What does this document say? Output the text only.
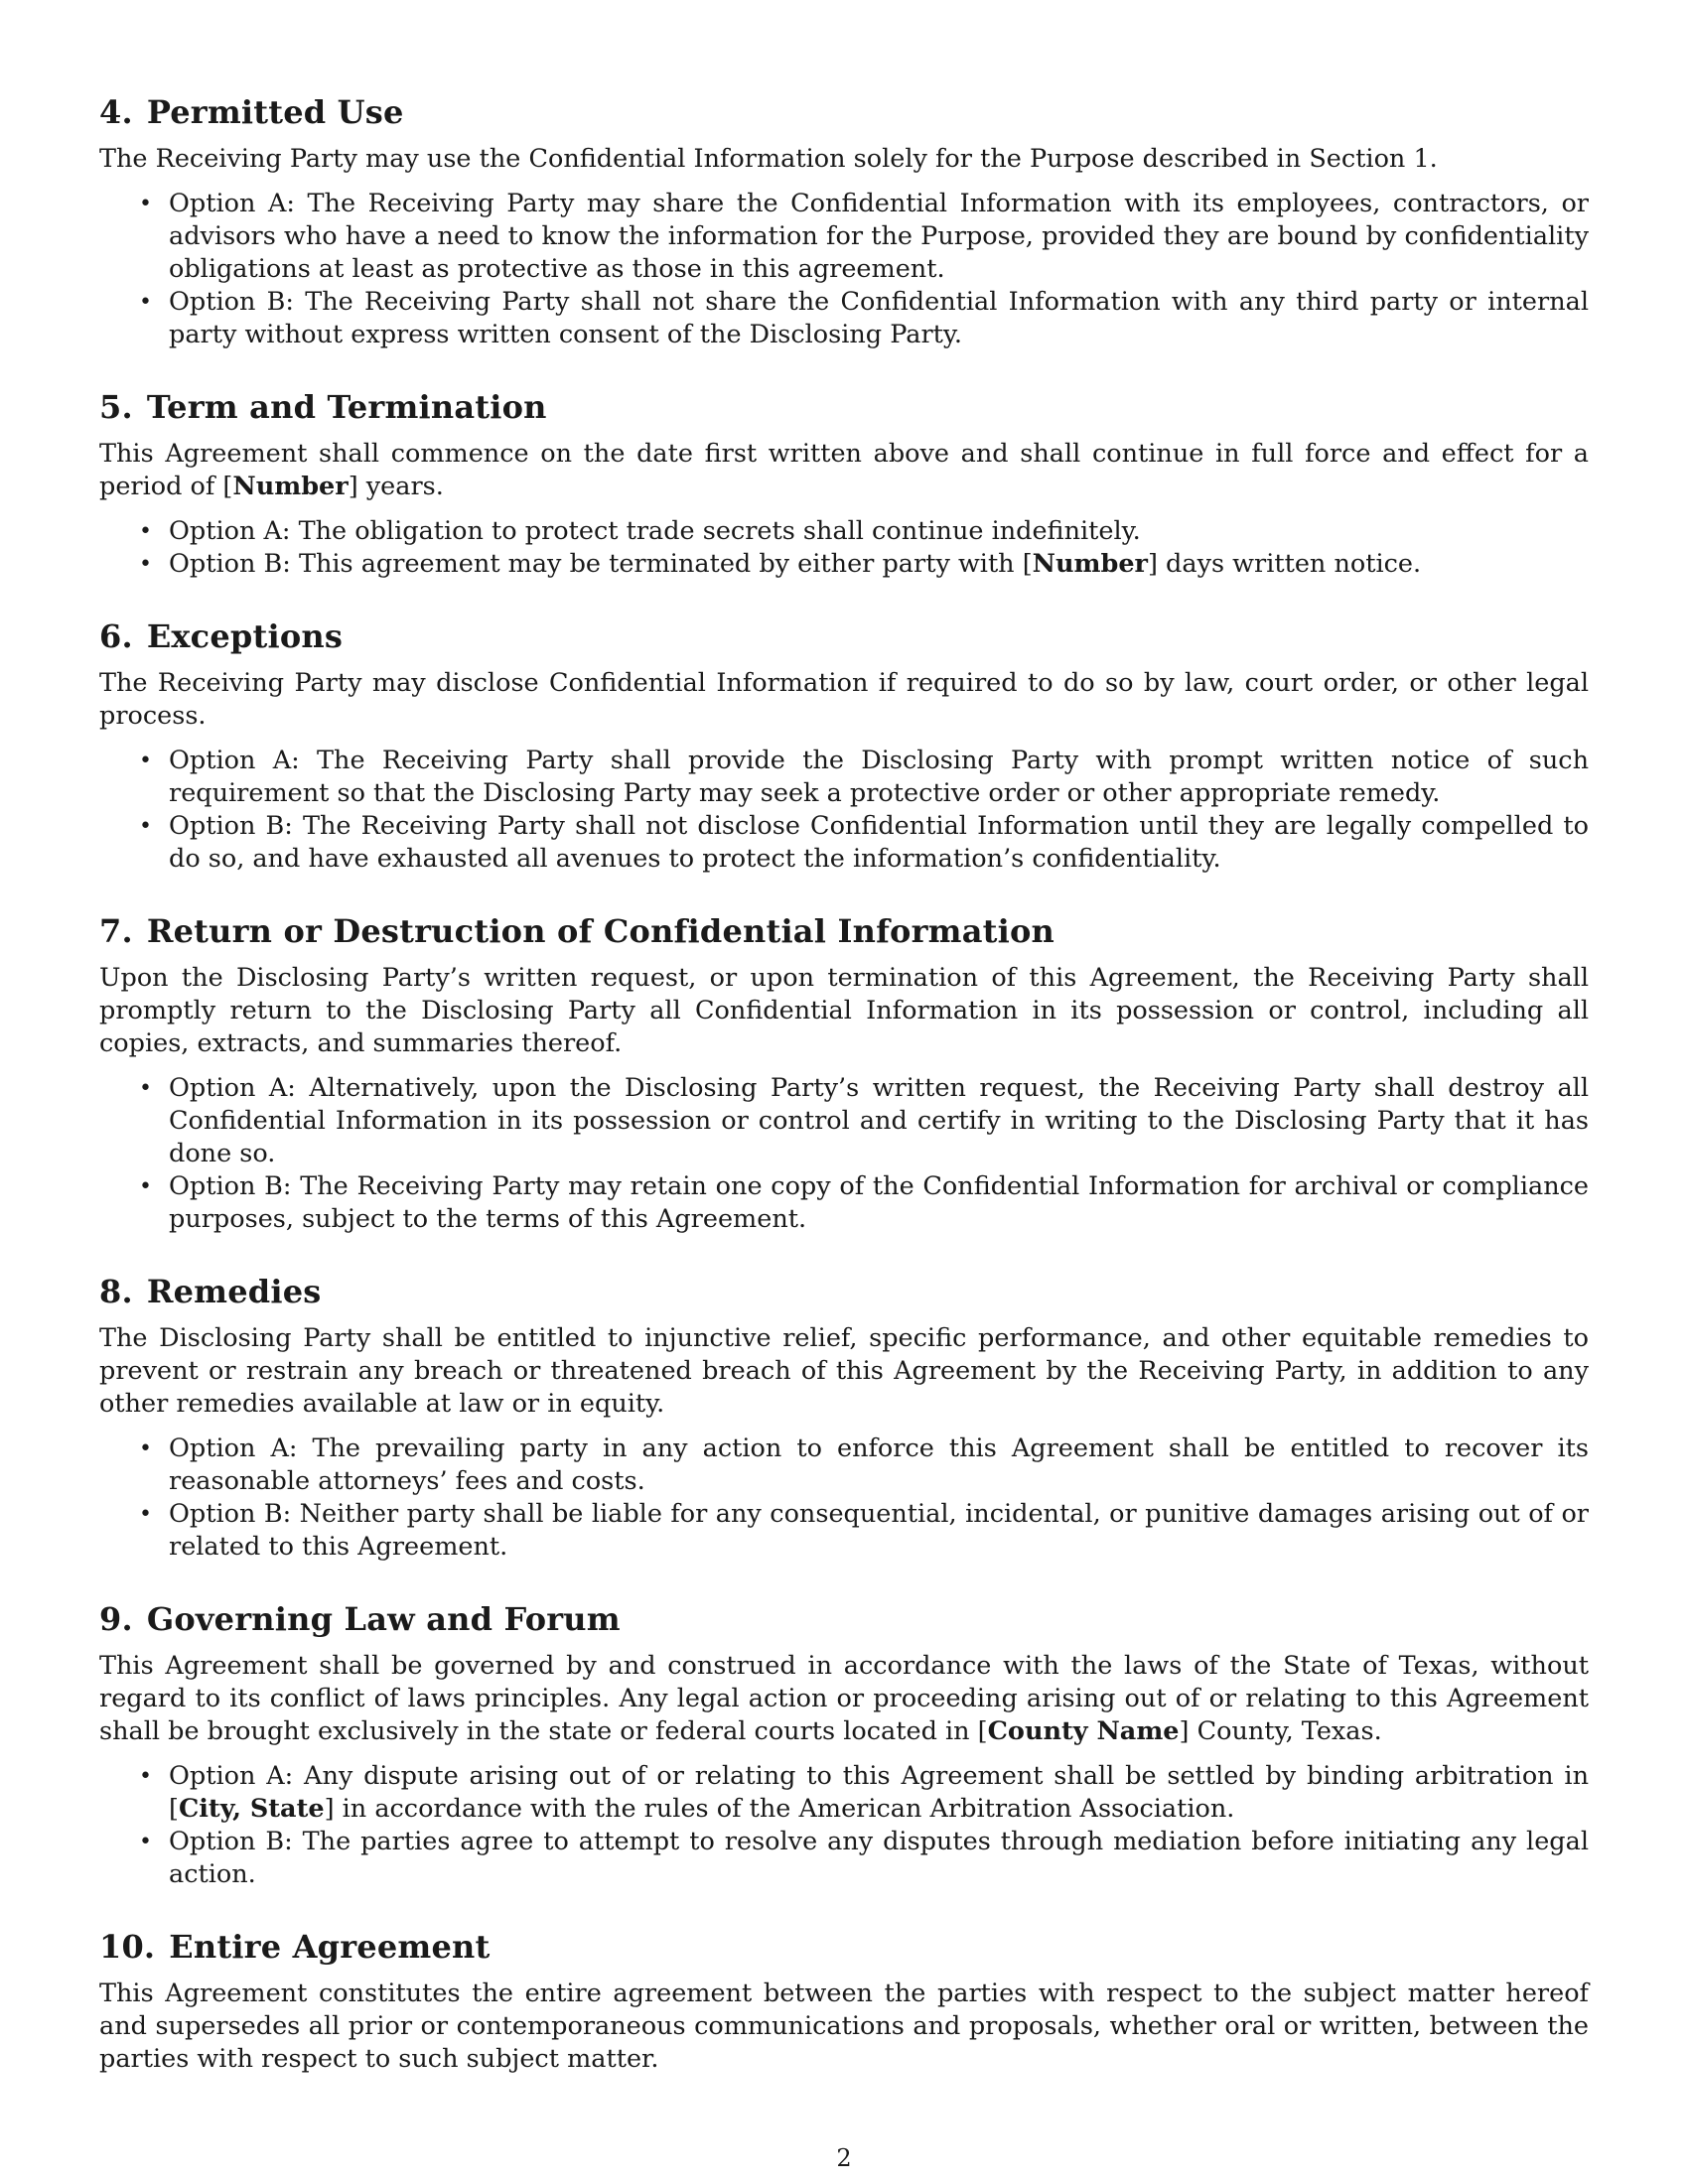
4. Permitted Use

The Receiving Party may use the Confidential Information solely for the Purpose described in Section 1.

• Option A: The Receiving Party may share the Confidential Information with its employees, contractors, or advisors who have a need to know the information for the Purpose, provided they are bound by confidentiality obligations at least as protective as those in this agreement.
• Option B: The Receiving Party shall not share the Confidential Information with any third party or internal party without express written consent of the Disclosing Party.
5. Term and Termination

This Agreement shall commence on the date first written above and shall continue in full force and effect for a period of [Number] years.

• Option A: The obligation to protect trade secrets shall continue indefinitely.
• Option B: This agreement may be terminated by either party with [Number] days written notice.
6. Exceptions

The Receiving Party may disclose Confidential Information if required to do so by law, court order, or other legal process.

• Option A: The Receiving Party shall provide the Disclosing Party with prompt written notice of such requirement so that the Disclosing Party may seek a protective order or other appropriate remedy.
• Option B: The Receiving Party shall not disclose Confidential Information until they are legally compelled to do so, and have exhausted all avenues to protect the information’s confidentiality.
7. Return or Destruction of Confidential Information

Upon the Disclosing Party’s written request, or upon termination of this Agreement, the Receiving Party shall promptly return to the Disclosing Party all Confidential Information in its possession or control, including all copies, extracts, and summaries thereof.

• Option A: Alternatively, upon the Disclosing Party’s written request, the Receiving Party shall destroy all Confidential Information in its possession or control and certify in writing to the Disclosing Party that it has done so.
• Option B: The Receiving Party may retain one copy of the Confidential Information for archival or compliance purposes, subject to the terms of this Agreement.
8. Remedies

The Disclosing Party shall be entitled to injunctive relief, specific performance, and other equitable remedies to prevent or restrain any breach or threatened breach of this Agreement by the Receiving Party, in addition to any other remedies available at law or in equity.

• Option A: The prevailing party in any action to enforce this Agreement shall be entitled to recover its reasonable attorneys’ fees and costs.
• Option B: Neither party shall be liable for any consequential, incidental, or punitive damages arising out of or related to this Agreement.
9. Governing Law and Forum

This Agreement shall be governed by and construed in accordance with the laws of the State of Texas, without regard to its conflict of laws principles. Any legal action or proceeding arising out of or relating to this Agreement shall be brought exclusively in the state or federal courts located in [County Name] County, Texas.

• Option A: Any dispute arising out of or relating to this Agreement shall be settled by binding arbitration in [City, State] in accordance with the rules of the American Arbitration Association.
• Option B: The parties agree to attempt to resolve any disputes through mediation before initiating any legal action.
10. Entire Agreement

This Agreement constitutes the entire agreement between the parties with respect to the subject matter hereof and supersedes all prior or contemporaneous communications and proposals, whether oral or written, between the parties with respect to such subject matter.

2
